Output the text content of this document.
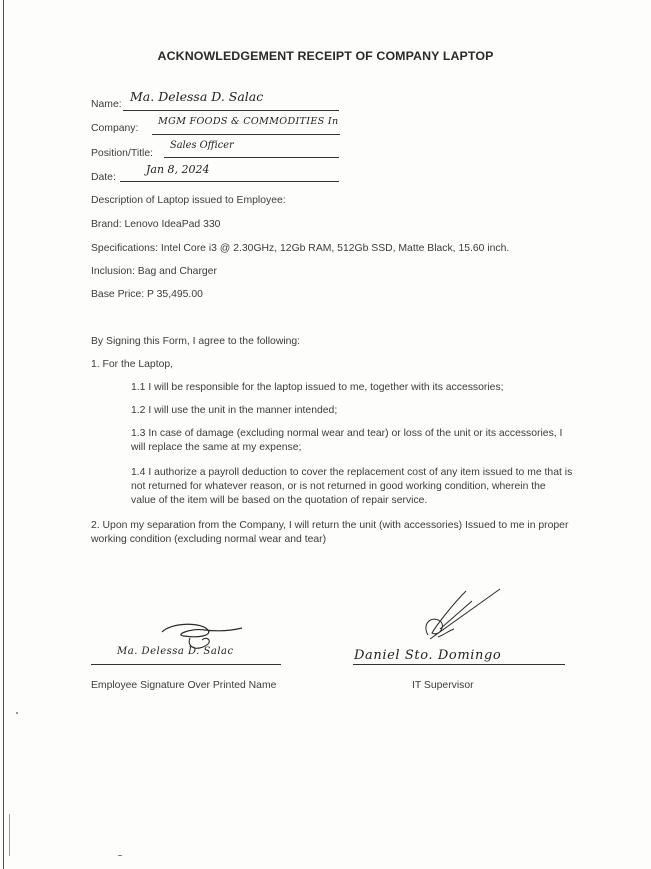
ACKNOWLEDGEMENT RECEIPT OF COMPANY LAPTOP
Name:
Ma. Delessa D. Salac
Company:
MGM FOODS & COMMODITIES In
Position/Title:
Sales Officer
Date:
Jan 8, 2024
Description of Laptop issued to Employee:
Brand: Lenovo IdeaPad 330
Specifications: Intel Core i3 @ 2.30GHz, 12Gb RAM, 512Gb SSD, Matte Black, 15.60 inch.
Inclusion: Bag and Charger
Base Price: P 35,495.00
By Signing this Form, I agree to the following:
1. For the Laptop,
1.1 I will be responsible for the laptop issued to me, together with its accessories;
1.2 I will use the unit in the manner intended;
1.3 In case of damage (excluding normal wear and tear) or loss of the unit or its accessories, I
will replace the same at my expense;
1.4 I authorize a payroll deduction to cover the replacement cost of any item issued to me that is
not returned for whatever reason, or is not returned in good working condition, wherein the
value of the item will be based on the quotation of repair service.
2. Upon my separation from the Company, I will return the unit (with accessories) Issued to me in proper
working condition (excluding normal wear and tear)
Ma. Delessa D. Salac
Employee Signature Over Printed Name
Daniel Sto. Domingo
IT Supervisor
